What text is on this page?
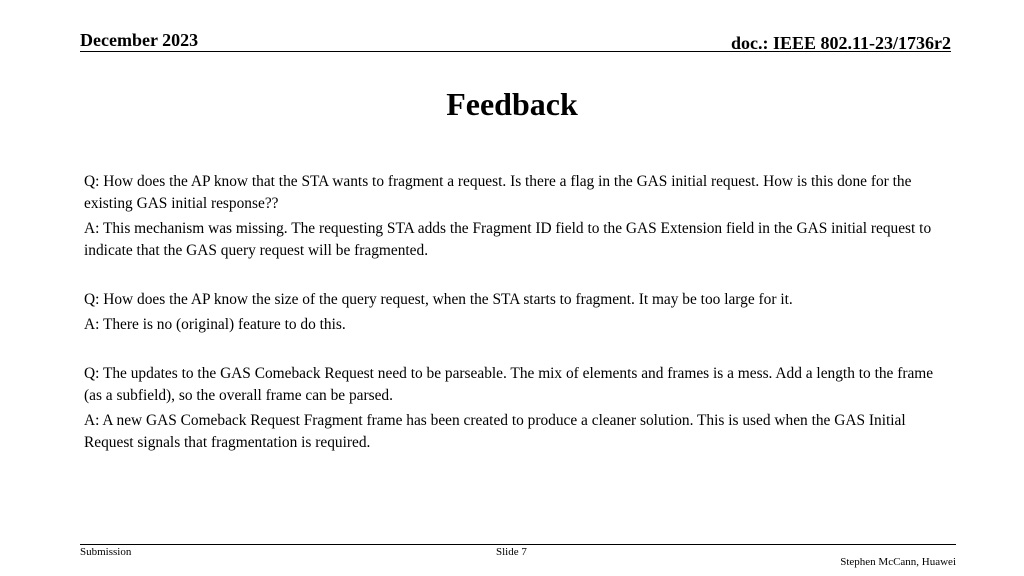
December 2023	doc.: IEEE 802.11-23/1736r2
Feedback

Q: How does the AP know that the STA wants to fragment a request. Is there a flag in the GAS initial request. How is this done for the existing GAS initial response??

A: This mechanism was missing. The requesting STA adds the Fragment ID field to the GAS Extension field in the GAS initial request to indicate that the GAS query request will be fragmented.

Q: How does the AP know the size of the query request, when the STA starts to fragment. It may be too large for it.

A: There is no (original) feature to do this.

Q: The updates to the GAS Comeback Request need to be parseable. The mix of elements and frames is a mess. Add a length to the frame (as a subfield), so the overall frame can be parsed.

A: A new GAS Comeback Request Fragment frame has been created to produce a cleaner solution. This is used when the GAS Initial Request signals that fragmentation is required.

Submission	Slide 7
Stephen McCann, Huawei
